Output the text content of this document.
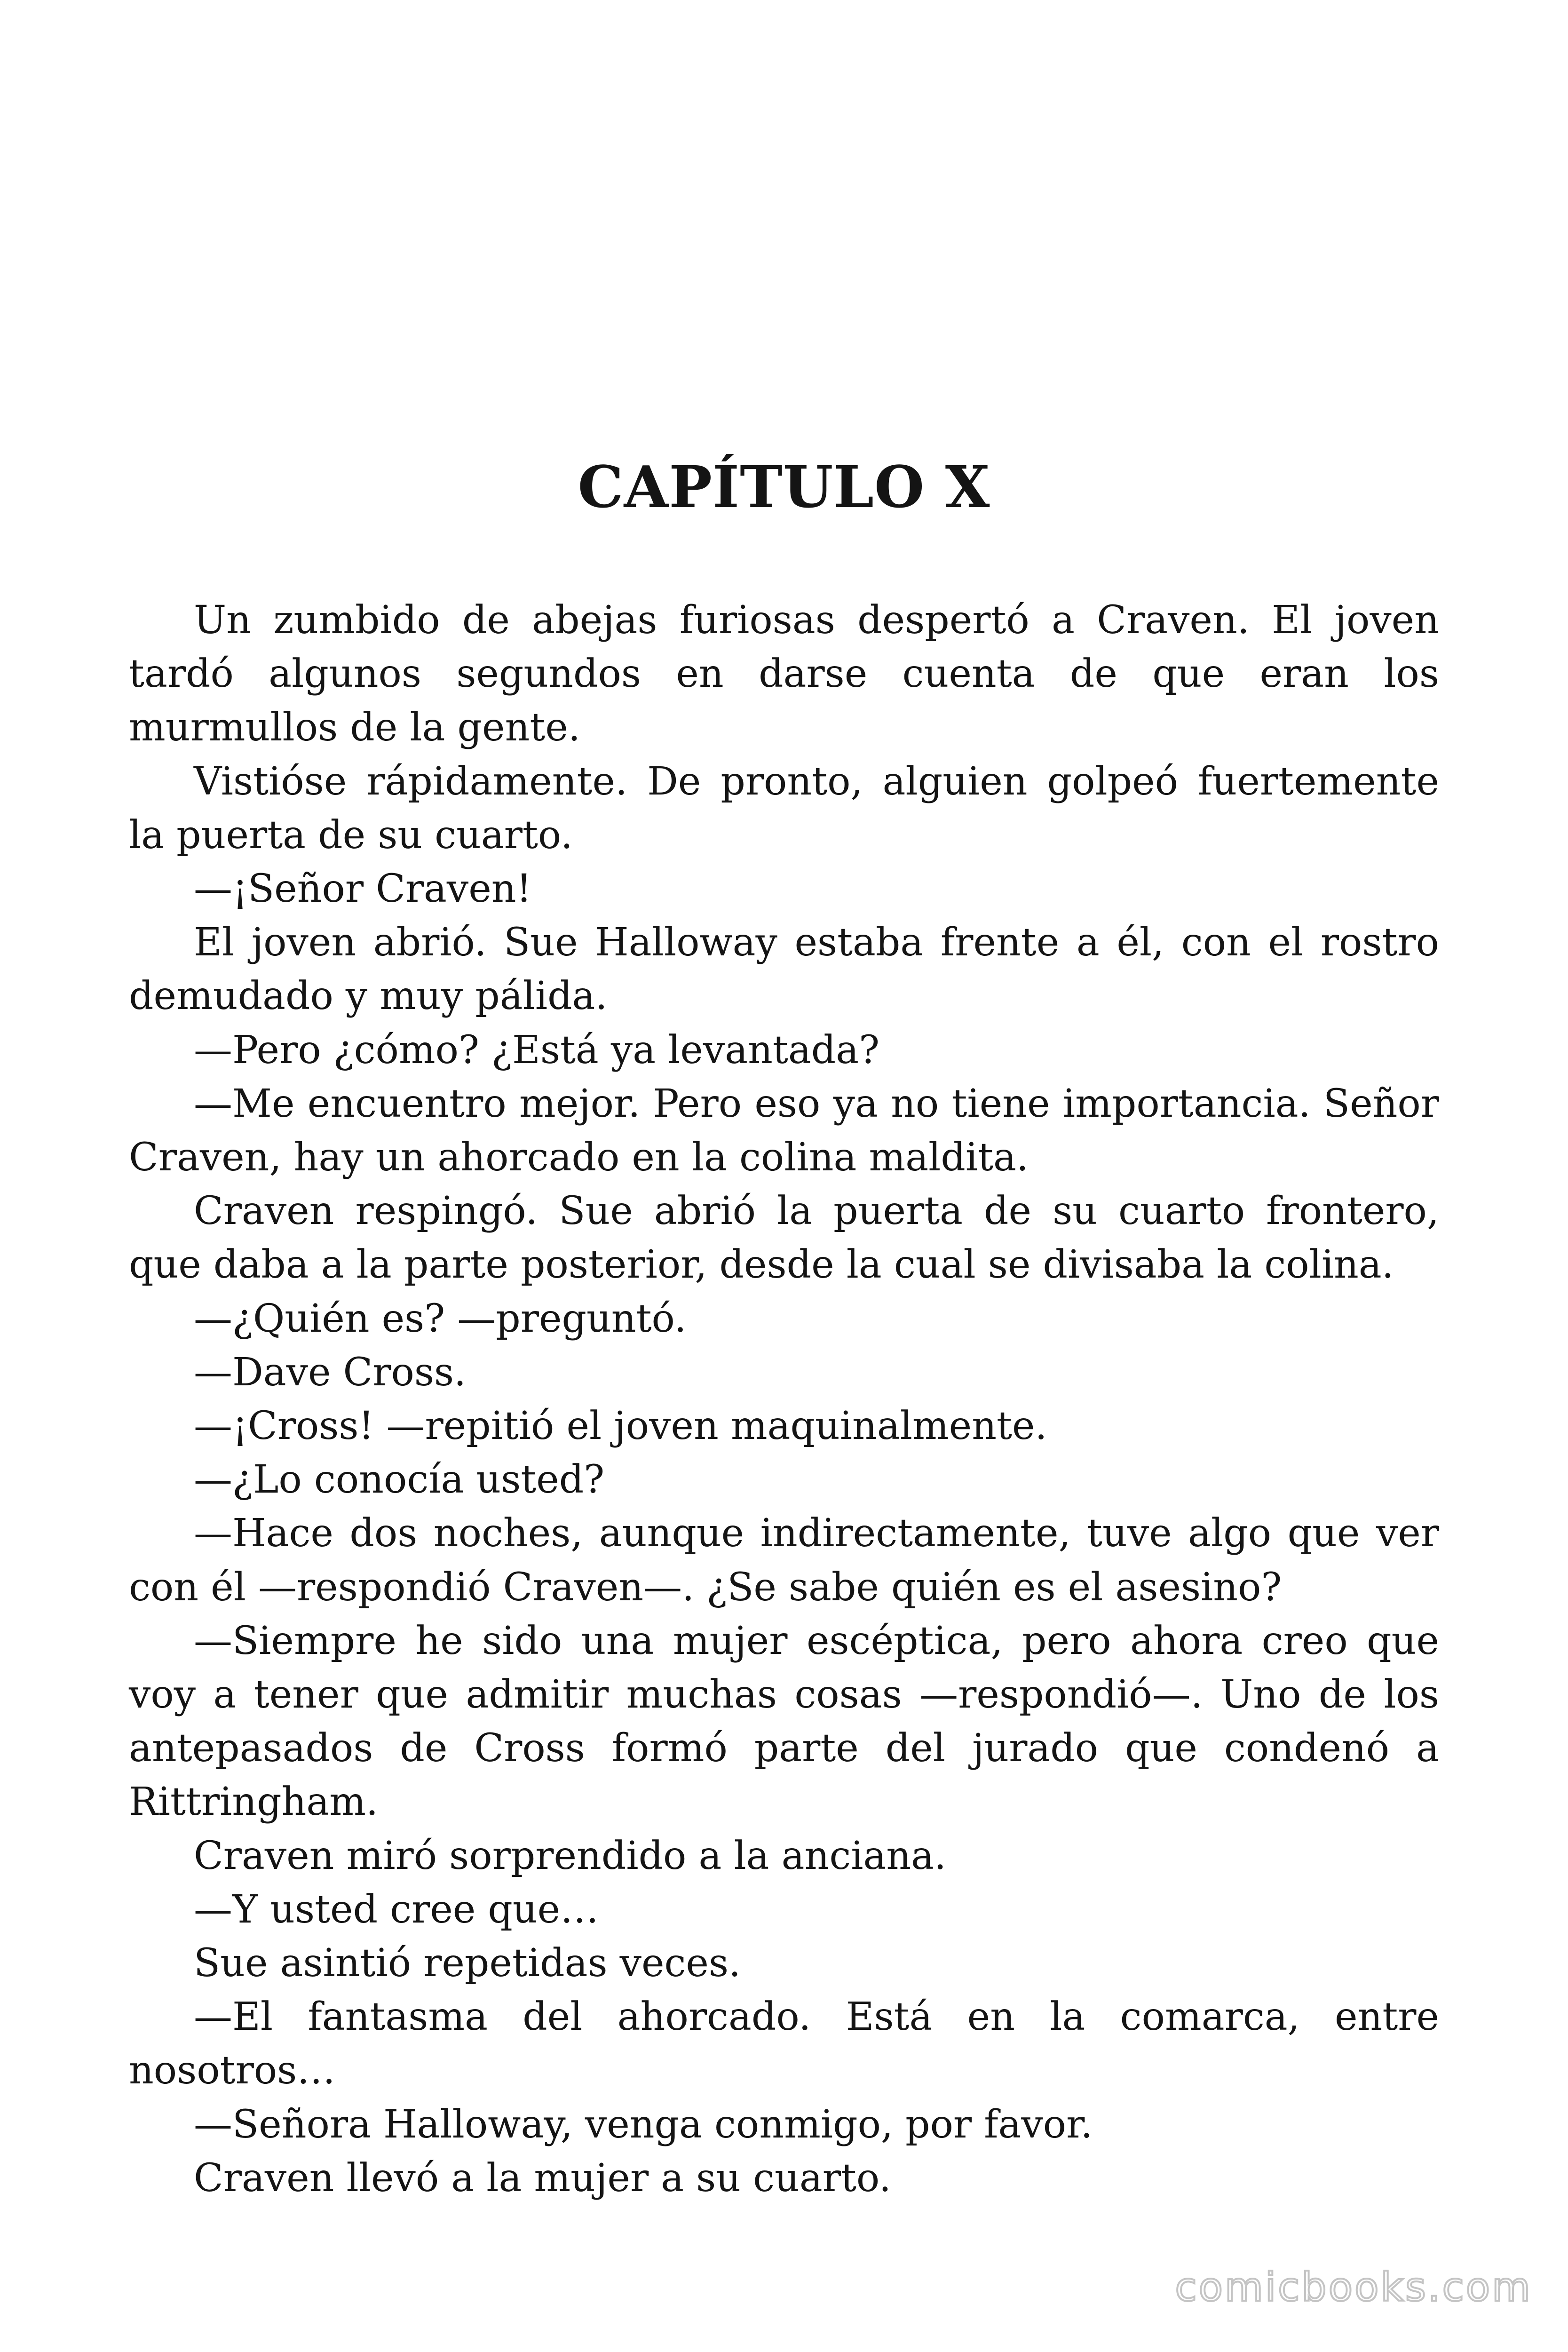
CAPÍTULO X

Un zumbido de abejas furiosas despertó a Craven. El joven tardó algunos segundos en darse cuenta de que eran los murmullos de la gente.

Vistióse rápidamente. De pronto, alguien golpeó fuertemente la puerta de su cuarto.

—¡Señor Craven!

El joven abrió. Sue Halloway estaba frente a él, con el rostro demudado y muy pálida.

—Pero ¿cómo? ¿Está ya levantada?

—Me encuentro mejor. Pero eso ya no tiene importancia. Señor Craven, hay un ahorcado en la colina maldita.

Craven respingó. Sue abrió la puerta de su cuarto frontero, que daba a la parte posterior, desde la cual se divisaba la colina.

—¿Quién es? —preguntó.

—Dave Cross.

—¡Cross! —repitió el joven maquinalmente.

—¿Lo conocía usted?

—Hace dos noches, aunque indirectamente, tuve algo que ver con él —respondió Craven—. ¿Se sabe quién es el asesino?

—Siempre he sido una mujer escéptica, pero ahora creo que voy a tener que admitir muchas cosas —respondió—. Uno de los antepasados de Cross formó parte del jurado que condenó a Rittringham.

Craven miró sorprendido a la anciana.

—Y usted cree que…

Sue asintió repetidas veces.

—El fantasma del ahorcado. Está en la comarca, entre nosotros…

—Señora Halloway, venga conmigo, por favor.

Craven llevó a la mujer a su cuarto.

comicbooks.com
